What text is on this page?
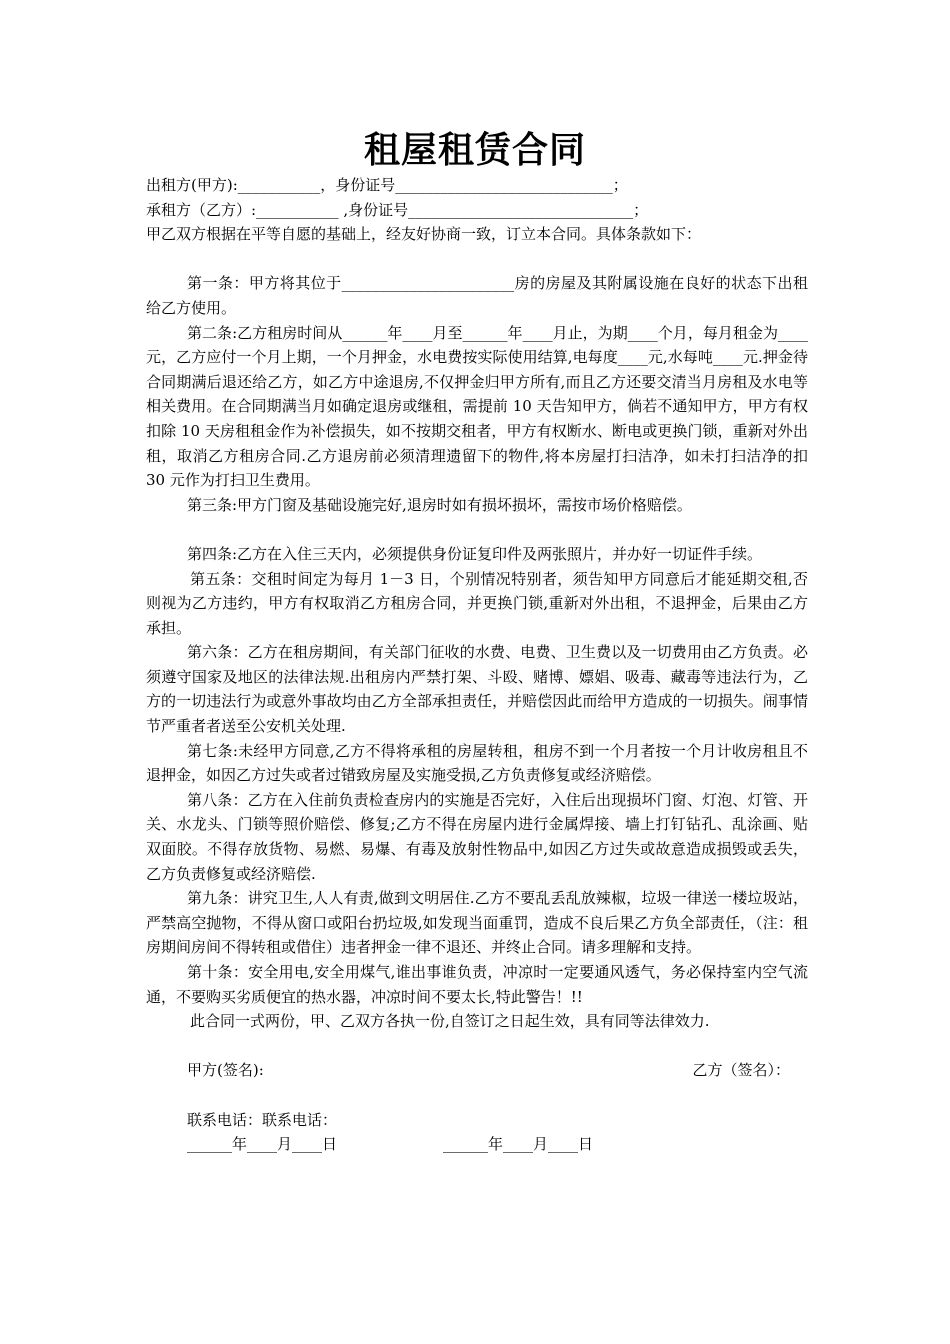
租屋租赁合同

出租方(甲方):___________，身份证号_____________________________；

承租方（乙方）:___________ ,身份证号______________________________；

甲乙双方根据在平等自愿的基础上，经友好协商一致，订立本合同。具体条款如下：

第一条：甲方将其位于_______________________房的房屋及其附属设施在良好的状态下出租给乙方使用。

第二条:乙方租房时间从______年____月至______年____月止，为期____个月，每月租金为____元，乙方应付一个月上期，一个月押金，水电费按实际使用结算,电每度____元,水每吨____元.押金待合同期满后退还给乙方，如乙方中途退房,不仅押金归甲方所有,而且乙方还要交清当月房租及水电等相关费用。在合同期满当月如确定退房或继租，需提前 10 天告知甲方，倘若不通知甲方，甲方有权扣除 10 天房租租金作为补偿损失，如不按期交租者，甲方有权断水、断电或更换门锁，重新对外出租，取消乙方租房合同.乙方退房前必须清理遗留下的物件,将本房屋打扫洁净，如未打扫洁净的扣 30 元作为打扫卫生费用。

第三条:甲方门窗及基础设施完好,退房时如有损坏损坏，需按市场价格赔偿。

第四条:乙方在入住三天内，必须提供身份证复印件及两张照片，并办好一切证件手续。

第五条：交租时间定为每月 1－3 日，个别情况特别者，须告知甲方同意后才能延期交租,否则视为乙方违约，甲方有权取消乙方租房合同，并更换门锁,重新对外出租，不退押金，后果由乙方承担。

第六条：乙方在租房期间，有关部门征收的水费、电费、卫生费以及一切费用由乙方负责。必须遵守国家及地区的法律法规.出租房内严禁打架、斗殴、赌博、嫖娼、吸毒、藏毒等违法行为，乙方的一切违法行为或意外事故均由乙方全部承担责任，并赔偿因此而给甲方造成的一切损失。闹事情节严重者者送至公安机关处理.

第七条:未经甲方同意,乙方不得将承租的房屋转租，租房不到一个月者按一个月计收房租且不退押金，如因乙方过失或者过错致房屋及实施受损,乙方负责修复或经济赔偿。

第八条：乙方在入住前负责检查房内的实施是否完好，入住后出现损坏门窗、灯泡、灯管、开关、水龙头、门锁等照价赔偿、修复;乙方不得在房屋内进行金属焊接、墙上打钉钻孔、乱涂画、贴双面胶。不得存放货物、易燃、易爆、有毒及放射性物品中,如因乙方过失或故意造成损毁或丢失，乙方负责修复或经济赔偿.

第九条：讲究卫生,人人有责,做到文明居住.乙方不要乱丢乱放辣椒，垃圾一律送一楼垃圾站，严禁高空抛物，不得从窗口或阳台扔垃圾,如发现当面重罚，造成不良后果乙方负全部责任，（注：租房期间房间不得转租或借住）违者押金一律不退还、并终止合同。请多理解和支持。

第十条：安全用电,安全用煤气,谁出事谁负责，冲凉时一定要通风透气，务必保持室内空气流通，不要购买劣质便宜的热水器，冲凉时间不要太长,特此警告！!!

此合同一式两份，甲、乙双方各执一份,自签订之日起生效，具有同等法律效力.

甲方(签名):	乙方（签名）：
联系电话：联系电话：
______年____月____日	______年____月____日
